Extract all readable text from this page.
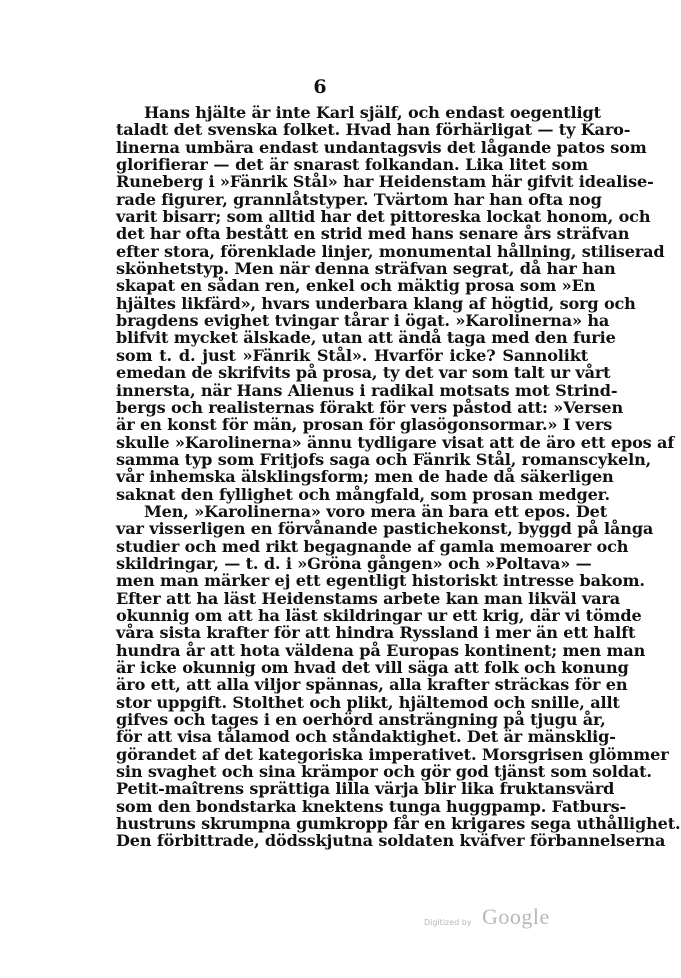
6
Hans hjälte är inte Karl själf, och endast oegentligt
taladt det svenska folket. Hvad han förhärligat — ty Karo-
linerna umbära endast undantagsvis det lågande patos som
glorifierar — det är snarast folkandan. Lika litet som
Runeberg i »Fänrik Stål» har Heidenstam här gifvit idealise-
rade figurer, grannlåtstyper. Tvärtom har han ofta nog
varit bisarr; som alltid har det pittoreska lockat honom, och
det har ofta bestått en strid med hans senare års sträfvan
efter stora, förenklade linjer, monumental hållning, stiliserad
skönhetstyp. Men när denna sträfvan segrat, då har han
skapat en sådan ren, enkel och mäktig prosa som »En
hjältes likfärd», hvars underbara klang af högtid, sorg och
bragdens evighet tvingar tårar i ögat. »Karolinerna» ha
blifvit mycket älskade, utan att ändå taga med den furie
som t. d. just »Fänrik Stål». Hvarför icke? Sannolikt
emedan de skrifvits på prosa, ty det var som talt ur vårt
innersta, när Hans Alienus i radikal motsats mot Strind-
bergs och realisternas förakt för vers påstod att: »Versen
är en konst för män, prosan för glasögonsormar.» I vers
skulle »Karolinerna» ännu tydligare visat att de äro ett epos af
samma typ som Fritjofs saga och Fänrik Stål, romanscykeln,
vår inhemska älsklingsform; men de hade då säkerligen
saknat den fyllighet och mångfald, som prosan medger.
Men, »Karolinerna» voro mera än bara ett epos. Det
var visserligen en förvånande pastichekonst, byggd på långa
studier och med rikt begagnande af gamla memoarer och
skildringar, — t. d. i »Gröna gången» och »Poltava» —
men man märker ej ett egentligt historiskt intresse bakom.
Efter att ha läst Heidenstams arbete kan man likväl vara
okunnig om att ha läst skildringar ur ett krig, där vi tömde
våra sista krafter för att hindra Ryssland i mer än ett halft
hundra år att hota väldena på Europas kontinent; men man
är icke okunnig om hvad det vill säga att folk och konung
äro ett, att alla viljor spännas, alla krafter sträckas för en
stor uppgift. Stolthet och plikt, hjältemod och snille, allt
gifves och tages i en oerhörd ansträngning på tjugu år,
för att visa tålamod och ståndaktighet. Det är mänsklig-
görandet af det kategoriska imperativet. Morsgrisen glömmer
sin svaghet och sina krämpor och gör god tjänst som soldat.
Petit-maîtrens sprättiga lilla värja blir lika fruktansvärd
som den bondstarka knektens tunga huggpamp. Fatburs-
hustruns skrumpna gumkropp får en krigares sega uthållighet.
Den förbittrade, dödsskjutna soldaten kväfver förbannelserna
Digitized by Google
